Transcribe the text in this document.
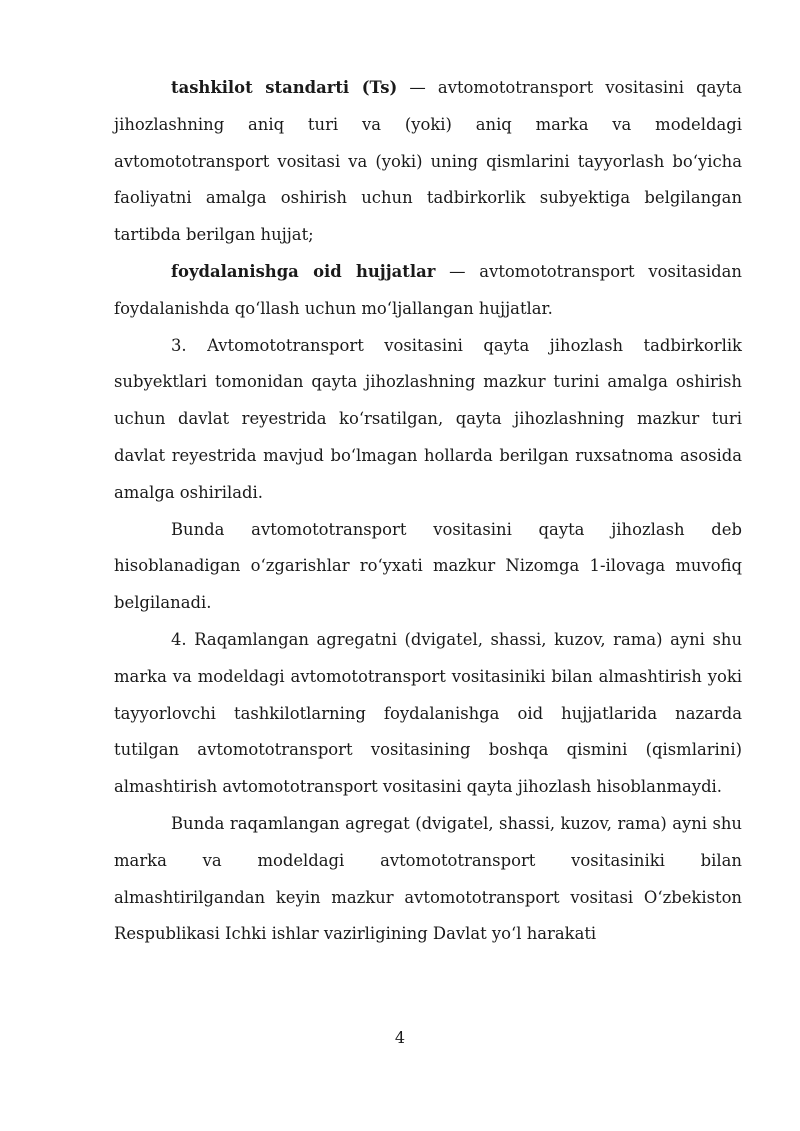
tashkilot standarti (Ts) — avtomototransport vositasini qayta jihozlashning aniq turi va (yoki) aniq marka va modeldagi avtomototransport vositasi va (yoki) uning qismlarini tayyorlash boʻyicha faoliyatni amalga oshirish uchun tadbirkorlik subyektiga belgilangan tartibda berilgan hujjat;

foydalanishga oid hujjatlar — avtomototransport vositasidan foydalanishda qoʻllash uchun moʻljallangan hujjatlar.

3. Avtomototransport vositasini qayta jihozlash tadbirkorlik subyektlari tomonidan qayta jihozlashning mazkur turini amalga oshirish uchun davlat reyestrida koʻrsatilgan, qayta jihozlashning mazkur turi davlat reyestrida mavjud boʻlmagan hollarda berilgan ruxsatnoma asosida amalga oshiriladi.

Bunda avtomototransport vositasini qayta jihozlash deb hisoblanadigan oʻzgarishlar roʻyxati mazkur Nizomga 1-ilovaga muvofiq belgilanadi.

4. Raqamlangan agregatni (dvigatel, shassi, kuzov, rama) ayni shu marka va modeldagi avtomototransport vositasiniki bilan almashtirish yoki tayyorlovchi tashkilotlarning foydalanishga oid hujjatlarida nazarda tutilgan avtomototransport vositasining boshqa qismini (qismlarini) almashtirish avtomototransport vositasini qayta jihozlash hisoblanmaydi.

Bunda raqamlangan agregat (dvigatel, shassi, kuzov, rama) ayni shu marka va modeldagi avtomototransport vositasiniki bilan almashtirilgandan keyin mazkur avtomototransport vositasi Oʻzbekiston Respublikasi Ichki ishlar vazirligining Davlat yoʻl harakati

4
